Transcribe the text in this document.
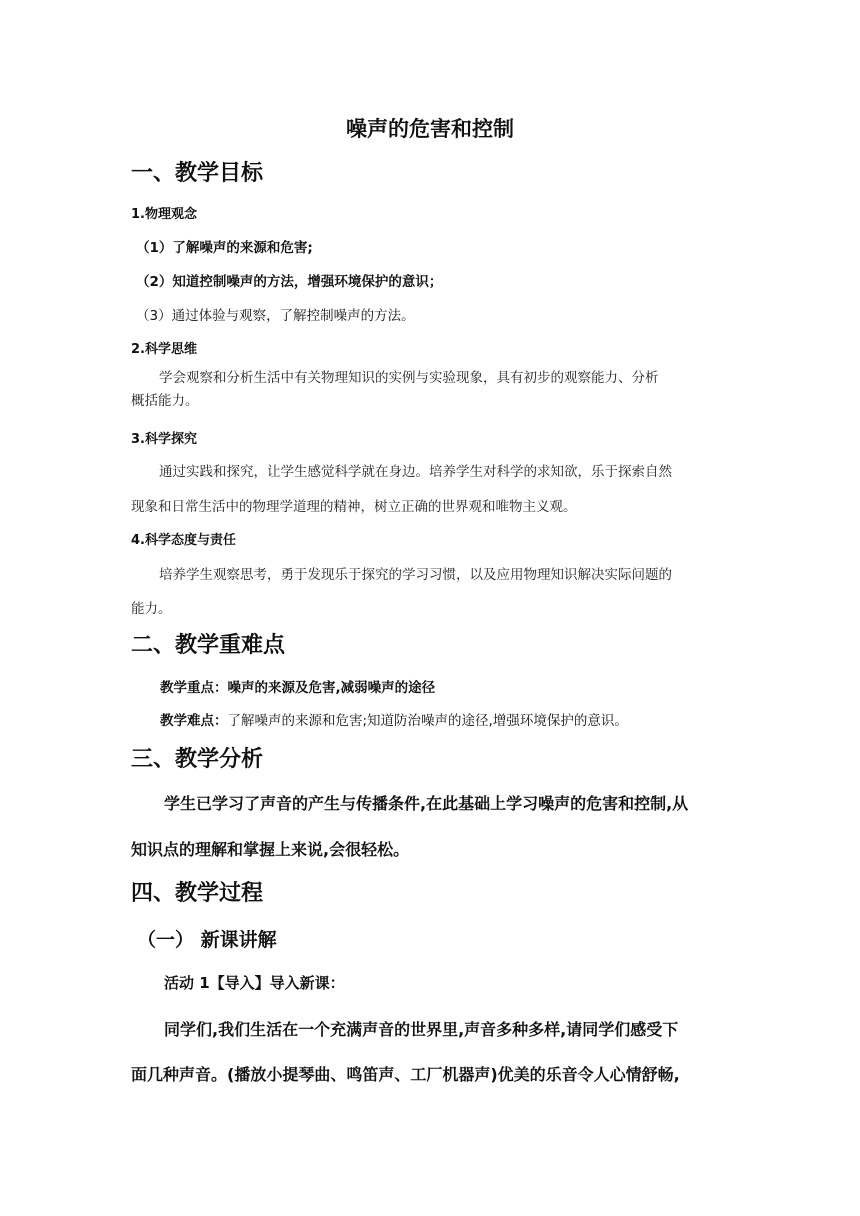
噪声的危害和控制
一、教学目标
1.物理观念
（1）了解噪声的来源和危害;
（2）知道控制噪声的方法，增强环境保护的意识；
（3）通过体验与观察，了解控制噪声的方法。
2.科学思维
学会观察和分析生活中有关物理知识的实例与实验现象，具有初步的观察能力、分析
概括能力。
3.科学探究
通过实践和探究，让学生感觉科学就在身边。培养学生对科学的求知欲，乐于探索自然
现象和日常生活中的物理学道理的精神，树立正确的世界观和唯物主义观。
4.科学态度与责任
培养学生观察思考，勇于发现乐于探究的学习习惯，以及应用物理知识解决实际问题的
能力。
二、教学重难点
教学重点：噪声的来源及危害,减弱噪声的途径
教学难点：了解噪声的来源和危害;知道防治噪声的途径,增强环境保护的意识。
三、教学分析
学生已学习了声音的产生与传播条件,在此基础上学习噪声的危害和控制,从
知识点的理解和掌握上来说,会很轻松。
四、教学过程
（一） 新课讲解
活动 1【导入】导入新课：
同学们,我们生活在一个充满声音的世界里,声音多种多样,请同学们感受下
面几种声音。(播放小提琴曲、鸣笛声、工厂机器声)优美的乐音令人心情舒畅,
